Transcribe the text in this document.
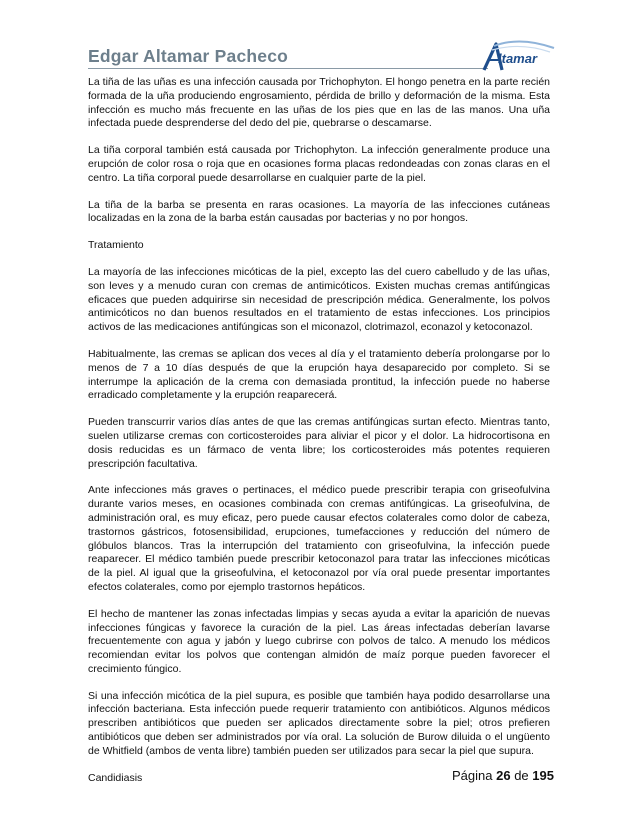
Edgar Altamar Pacheco	ltamar

La tiña de las uñas es una infección causada por Trichophyton. El hongo penetra en la parte recién formada de la uña produciendo engrosamiento, pérdida de brillo y deformación de la misma. Esta infección es mucho más frecuente en las uñas de los pies que en las de las manos. Una uña infectada puede desprenderse del dedo del pie, quebrarse o descamarse.

La tiña corporal también está causada por Trichophyton. La infección generalmente produce una erupción de color rosa o roja que en ocasiones forma placas redondeadas con zonas claras en el centro. La tiña corporal puede desarrollarse en cualquier parte de la piel.

La tiña de la barba se presenta en raras ocasiones. La mayoría de las infecciones cutáneas localizadas en la zona de la barba están causadas por bacterias y no por hongos.

Tratamiento

La mayoría de las infecciones micóticas de la piel, excepto las del cuero cabelludo y de las uñas, son leves y a menudo curan con cremas de antimicóticos. Existen muchas cremas antifúngicas eficaces que pueden adquirirse sin necesidad de prescripción médica. Generalmente, los polvos antimicóticos no dan buenos resultados en el tratamiento de estas infecciones. Los principios activos de las medicaciones antifúngicas son el miconazol, clotrimazol, econazol y ketoconazol.

Habitualmente, las cremas se aplican dos veces al día y el tratamiento debería prolongarse por lo menos de 7 a 10 días después de que la erupción haya desaparecido por completo. Si se interrumpe la aplicación de la crema con demasiada prontitud, la infección puede no haberse erradicado completamente y la erupción reaparecerá.

Pueden transcurrir varios días antes de que las cremas antifúngicas surtan efecto. Mientras tanto, suelen utilizarse cremas con corticosteroides para aliviar el picor y el dolor. La hidrocortisona en dosis reducidas es un fármaco de venta libre; los corticosteroides más potentes requieren prescripción facultativa.

Ante infecciones más graves o pertinaces, el médico puede prescribir terapia con griseofulvina durante varios meses, en ocasiones combinada con cremas antifúngicas. La griseofulvina, de administración oral, es muy eficaz, pero puede causar efectos colaterales como dolor de cabeza, trastornos gástricos, fotosensibilidad, erupciones, tumefacciones y reducción del número de glóbulos blancos. Tras la interrupción del tratamiento con griseofulvina, la infección puede reaparecer. El médico también puede prescribir ketoconazol para tratar las infecciones micóticas de la piel. Al igual que la griseofulvina, el ketoconazol por vía oral puede presentar importantes efectos colaterales, como por ejemplo trastornos hepáticos.

El hecho de mantener las zonas infectadas limpias y secas ayuda a evitar la aparición de nuevas infecciones fúngicas y favorece la curación de la piel. Las áreas infectadas deberían lavarse frecuentemente con agua y jabón y luego cubrirse con polvos de talco. A menudo los médicos recomiendan evitar los polvos que contengan almidón de maíz porque pueden favorecer el crecimiento fúngico.

Si una infección micótica de la piel supura, es posible que también haya podido desarrollarse una infección bacteriana. Esta infección puede requerir tratamiento con antibióticos. Algunos médicos prescriben antibióticos que pueden ser aplicados directamente sobre la piel; otros prefieren antibióticos que deben ser administrados por vía oral. La solución de Burow diluida o el ungüento de Whitfield (ambos de venta libre) también pueden ser utilizados para secar la piel que supura.

Candidiasis	Página 26 de 195
